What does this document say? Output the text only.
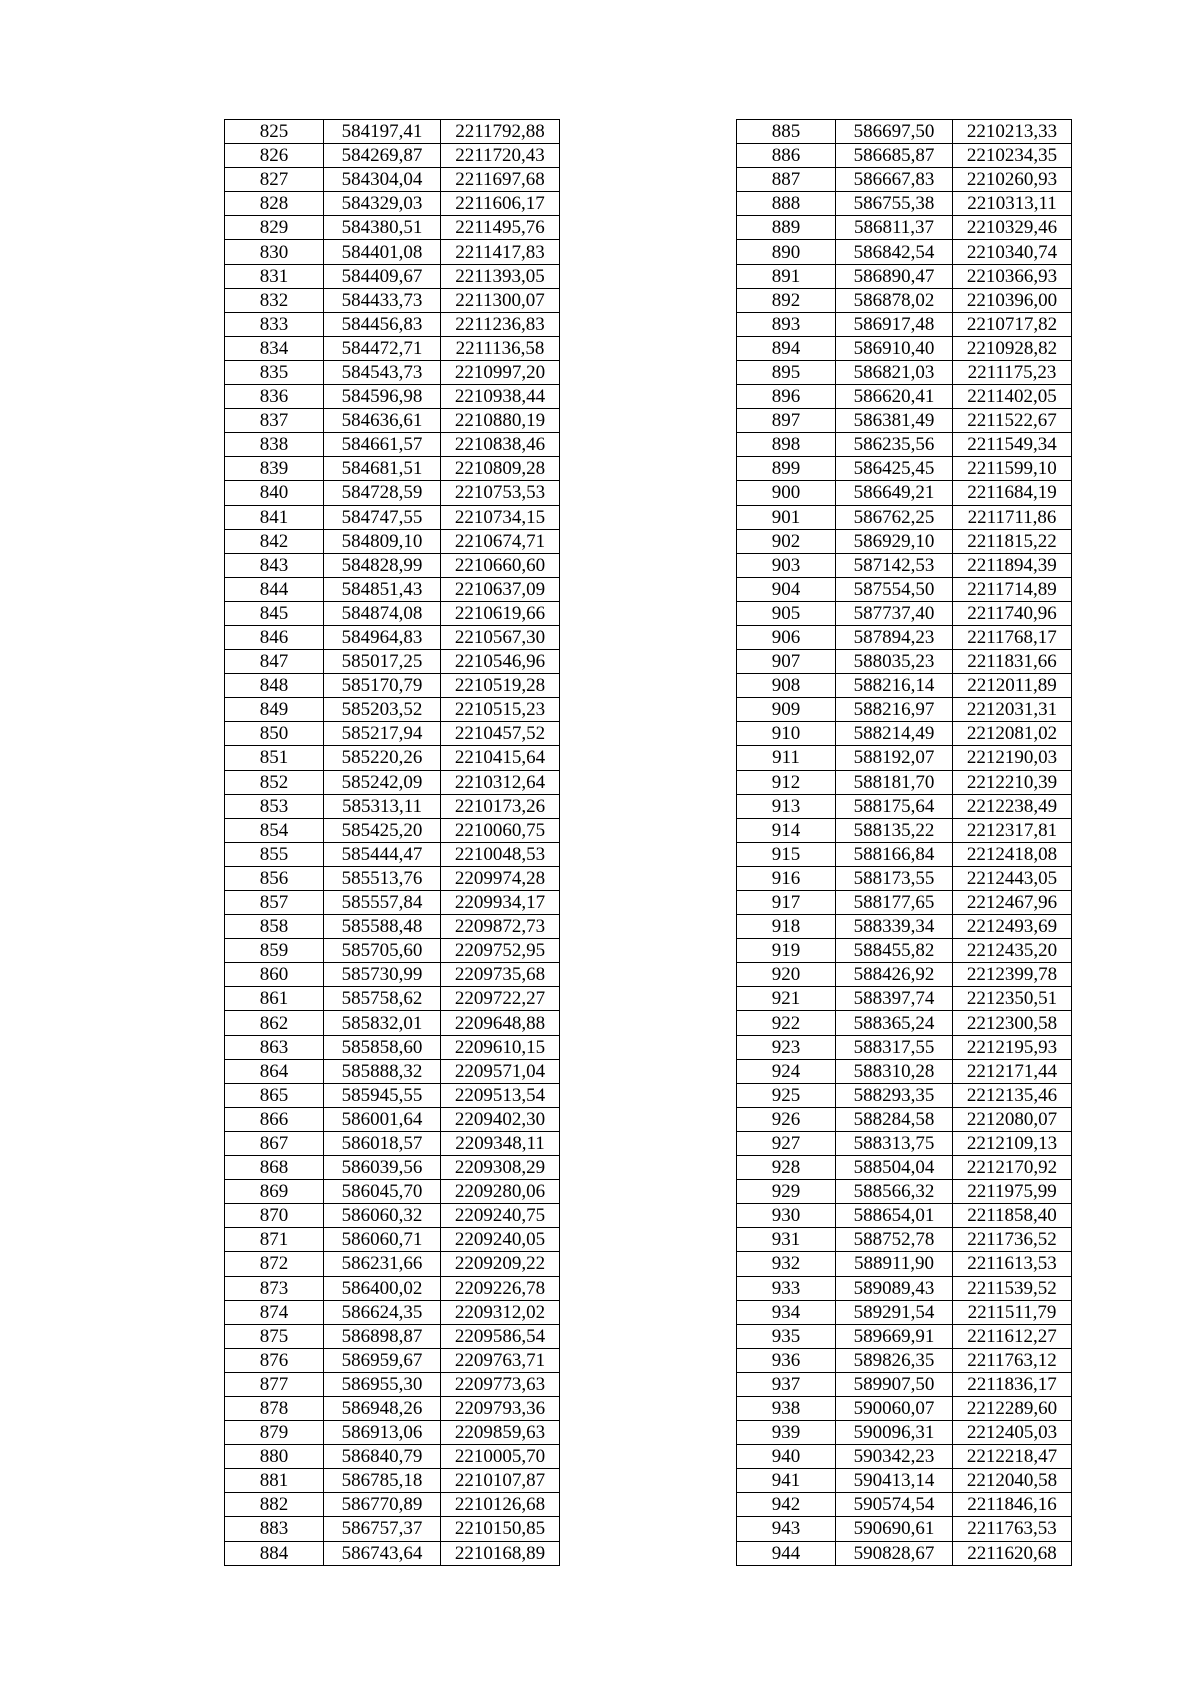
825	584197,41	2211792,88
826	584269,87	2211720,43
827	584304,04	2211697,68
828	584329,03	2211606,17
829	584380,51	2211495,76
830	584401,08	2211417,83
831	584409,67	2211393,05
832	584433,73	2211300,07
833	584456,83	2211236,83
834	584472,71	2211136,58
835	584543,73	2210997,20
836	584596,98	2210938,44
837	584636,61	2210880,19
838	584661,57	2210838,46
839	584681,51	2210809,28
840	584728,59	2210753,53
841	584747,55	2210734,15
842	584809,10	2210674,71
843	584828,99	2210660,60
844	584851,43	2210637,09
845	584874,08	2210619,66
846	584964,83	2210567,30
847	585017,25	2210546,96
848	585170,79	2210519,28
849	585203,52	2210515,23
850	585217,94	2210457,52
851	585220,26	2210415,64
852	585242,09	2210312,64
853	585313,11	2210173,26
854	585425,20	2210060,75
855	585444,47	2210048,53
856	585513,76	2209974,28
857	585557,84	2209934,17
858	585588,48	2209872,73
859	585705,60	2209752,95
860	585730,99	2209735,68
861	585758,62	2209722,27
862	585832,01	2209648,88
863	585858,60	2209610,15
864	585888,32	2209571,04
865	585945,55	2209513,54
866	586001,64	2209402,30
867	586018,57	2209348,11
868	586039,56	2209308,29
869	586045,70	2209280,06
870	586060,32	2209240,75
871	586060,71	2209240,05
872	586231,66	2209209,22
873	586400,02	2209226,78
874	586624,35	2209312,02
875	586898,87	2209586,54
876	586959,67	2209763,71
877	586955,30	2209773,63
878	586948,26	2209793,36
879	586913,06	2209859,63
880	586840,79	2210005,70
881	586785,18	2210107,87
882	586770,89	2210126,68
883	586757,37	2210150,85
884	586743,64	2210168,89
885	586697,50	2210213,33
886	586685,87	2210234,35
887	586667,83	2210260,93
888	586755,38	2210313,11
889	586811,37	2210329,46
890	586842,54	2210340,74
891	586890,47	2210366,93
892	586878,02	2210396,00
893	586917,48	2210717,82
894	586910,40	2210928,82
895	586821,03	2211175,23
896	586620,41	2211402,05
897	586381,49	2211522,67
898	586235,56	2211549,34
899	586425,45	2211599,10
900	586649,21	2211684,19
901	586762,25	2211711,86
902	586929,10	2211815,22
903	587142,53	2211894,39
904	587554,50	2211714,89
905	587737,40	2211740,96
906	587894,23	2211768,17
907	588035,23	2211831,66
908	588216,14	2212011,89
909	588216,97	2212031,31
910	588214,49	2212081,02
911	588192,07	2212190,03
912	588181,70	2212210,39
913	588175,64	2212238,49
914	588135,22	2212317,81
915	588166,84	2212418,08
916	588173,55	2212443,05
917	588177,65	2212467,96
918	588339,34	2212493,69
919	588455,82	2212435,20
920	588426,92	2212399,78
921	588397,74	2212350,51
922	588365,24	2212300,58
923	588317,55	2212195,93
924	588310,28	2212171,44
925	588293,35	2212135,46
926	588284,58	2212080,07
927	588313,75	2212109,13
928	588504,04	2212170,92
929	588566,32	2211975,99
930	588654,01	2211858,40
931	588752,78	2211736,52
932	588911,90	2211613,53
933	589089,43	2211539,52
934	589291,54	2211511,79
935	589669,91	2211612,27
936	589826,35	2211763,12
937	589907,50	2211836,17
938	590060,07	2212289,60
939	590096,31	2212405,03
940	590342,23	2212218,47
941	590413,14	2212040,58
942	590574,54	2211846,16
943	590690,61	2211763,53
944	590828,67	2211620,68
